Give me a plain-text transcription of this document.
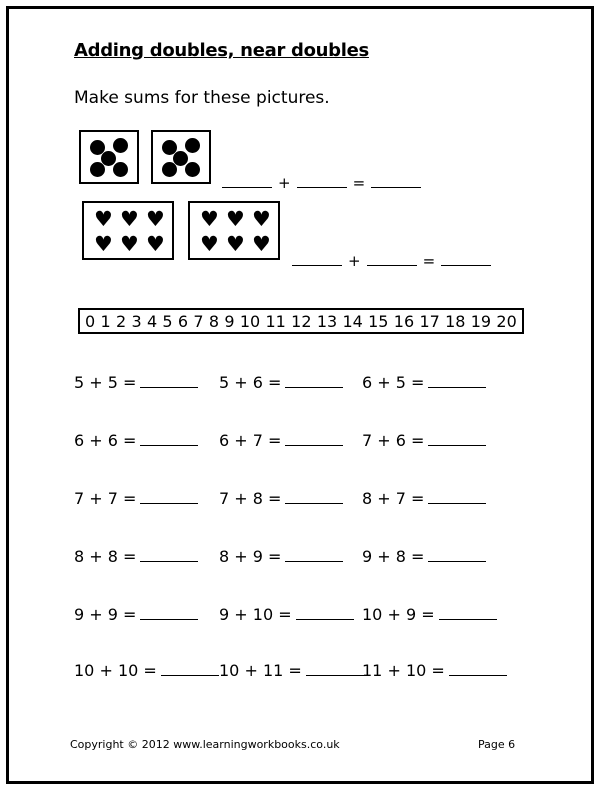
Adding doubles, near doubles
Make sums for these pictures.
+	=
♥ ♥ ♥
♥ ♥ ♥
♥ ♥ ♥
♥ ♥ ♥
+	=
0 1 2 3 4 5 6 7 8 9 10 11 12 13 14 15 16 17 18 19 20
5 + 5 =	5 + 6 =	6 + 5 =
6 + 6 =	6 + 7 =	7 + 6 =
7 + 7 =	7 + 8 =	8 + 7 =
8 + 8 =	8 + 9 =	9 + 8 =
9 + 9 =	9 + 10 =	10 + 9 =
10 + 10 =	10 + 11 =	11 + 10 =
Copyright © 2012 www.learningworkbooks.co.uk	Page 6
